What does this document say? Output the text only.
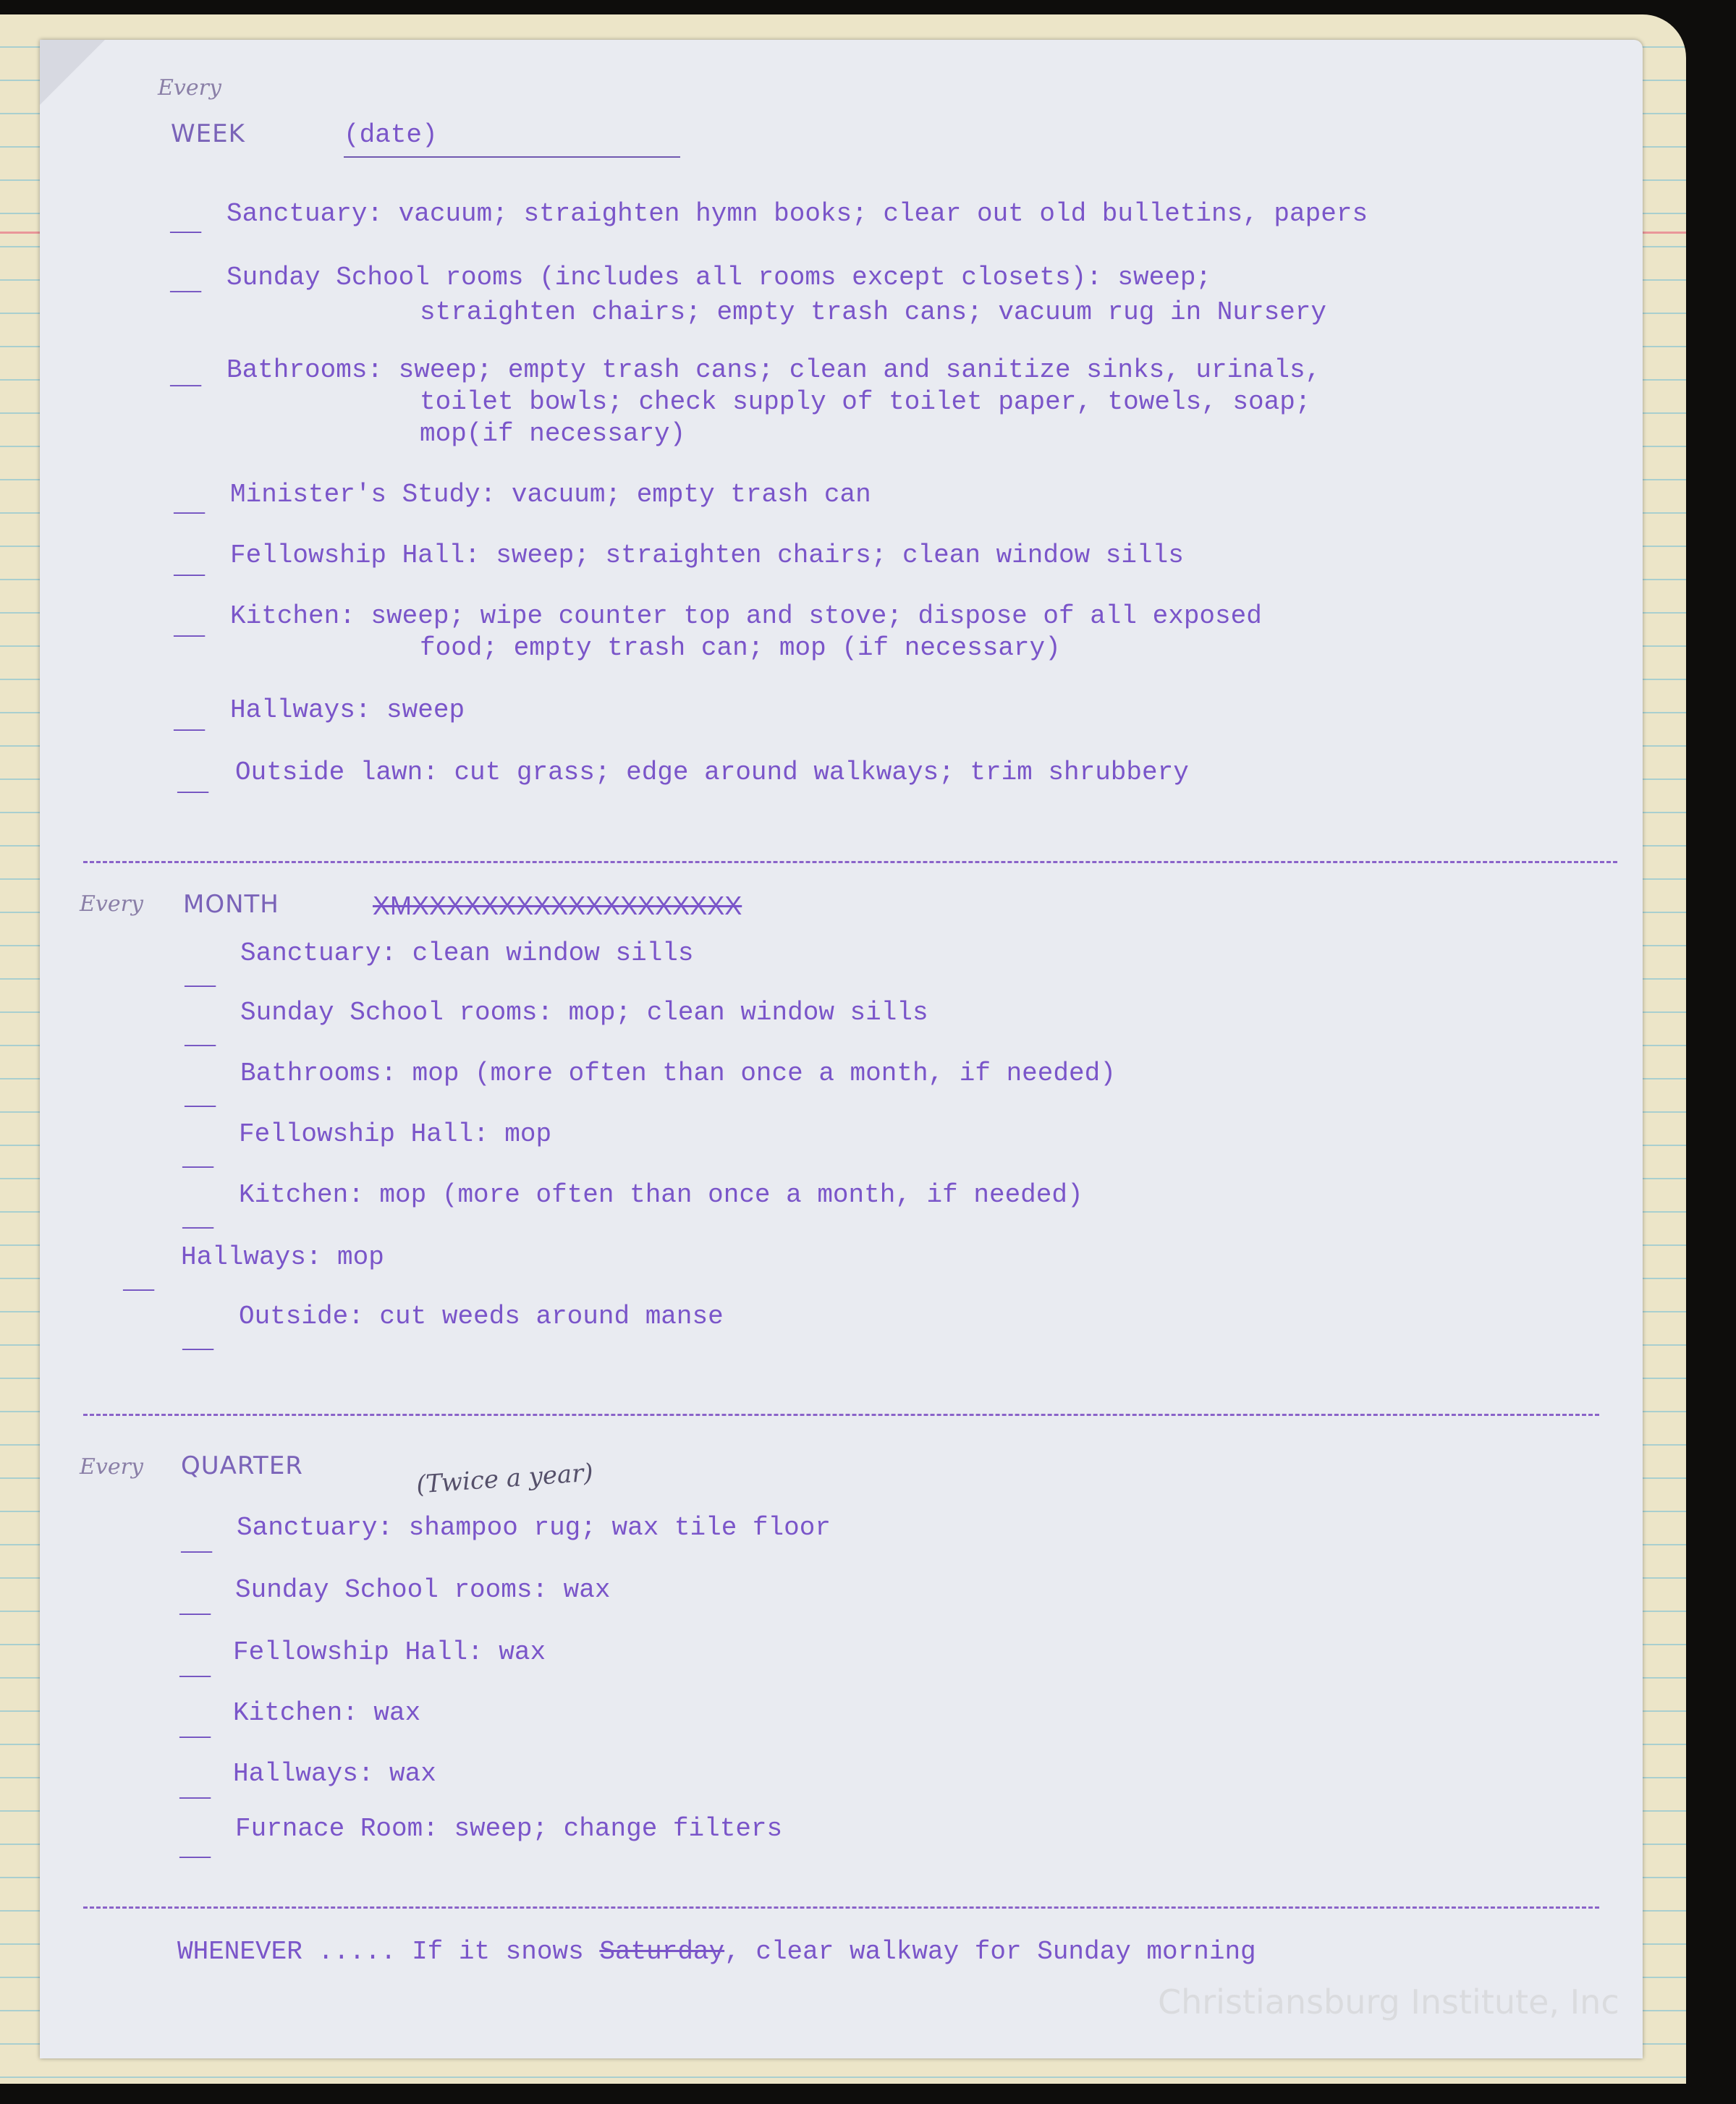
Every
WEEK	(date)
__ Sanctuary: vacuum; straighten hymn books; clear out old bulletins, papers
__ Sunday School rooms (includes all rooms except closets): sweep;
straighten chairs; empty trash cans; vacuum rug in Nursery
__ Bathrooms: sweep; empty trash cans; clean and sanitize sinks, urinals,
toilet bowls; check supply of toilet paper, towels, soap;
mop(if necessary)
__ Minister's Study: vacuum; empty trash can
__ Fellowship Hall: sweep; straighten chairs; clean window sills
__ Kitchen: sweep; wipe counter top and stove; dispose of all exposed
food; empty trash can; mop (if necessary)
__ Hallways: sweep
__ Outside lawn: cut grass; edge around walkways; trim shrubbery
Every MONTH	XMXXXXXXXXXXXXXXXXXXX
__
Sanctuary: clean window sills
__
Sunday School rooms: mop; clean window sills
__
Bathrooms: mop (more often than once a month, if needed)
__
Fellowship Hall: mop
__
Kitchen: mop (more often than once a month, if needed)
__
Hallways: mop
__
Outside: cut weeds around manse
Every QUARTER	(Twice a year)
__
Sanctuary: shampoo rug; wax tile floor
__
Sunday School rooms: wax
__
Fellowship Hall: wax
__
Kitchen: wax
__
Hallways: wax
__
Furnace Room: sweep; change filters
WHENEVER ..... If it snows Saturday, clear walkway for Sunday morning
Christiansburg Institute, Inc
